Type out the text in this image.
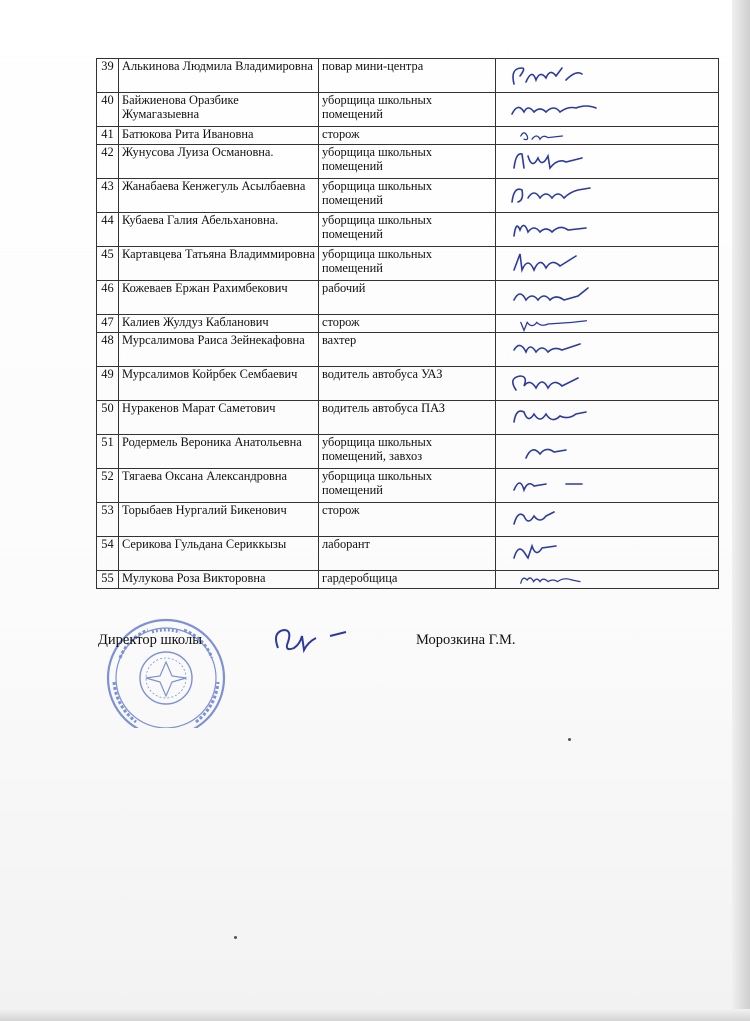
39	Алькинова Людмила Владимировна	повар мини-центра	

40	Байжиенова Оразбике Жумагазыевна	уборщица школьных помещений	

41	Батюкова Рита Ивановна	сторож	

42	Жунусова Луиза Османовна.	уборщица школьных помещений	

43	Жанабаева Кенжегуль Асылбаевна	уборщица школьных помещений	

44	Кубаева Галия Абельхановна.	уборщица школьных помещений	

45	Картавцева Татьяна Владиммировна	уборщица школьных помещений	

46	Кожеваев Ержан Рахимбекович	рабочий	

47	Калиев Жулдуз Кабланович	сторож	

48	Мурсалимова Раиса Зейнекафовна	вахтер	

49	Мурсалимов Койрбек Сембаевич	водитель автобуса УАЗ	

50	Нуракенов Марат Саметович	водитель автобуса ПАЗ	

51	Родермель Вероника Анатольевна	уборщица школьных помещений, завхоз	

52	Тягаева Оксана Александровна	уборщица школьных помещений	

53	Торыбаев Нургалий Бикенович	сторож	

54	Серикова Гульдана Сериккызы	лаборант	

55	Мулукова Роза Викторовна	гардеробщица	
Директор школы	Морозкина Г.М.
